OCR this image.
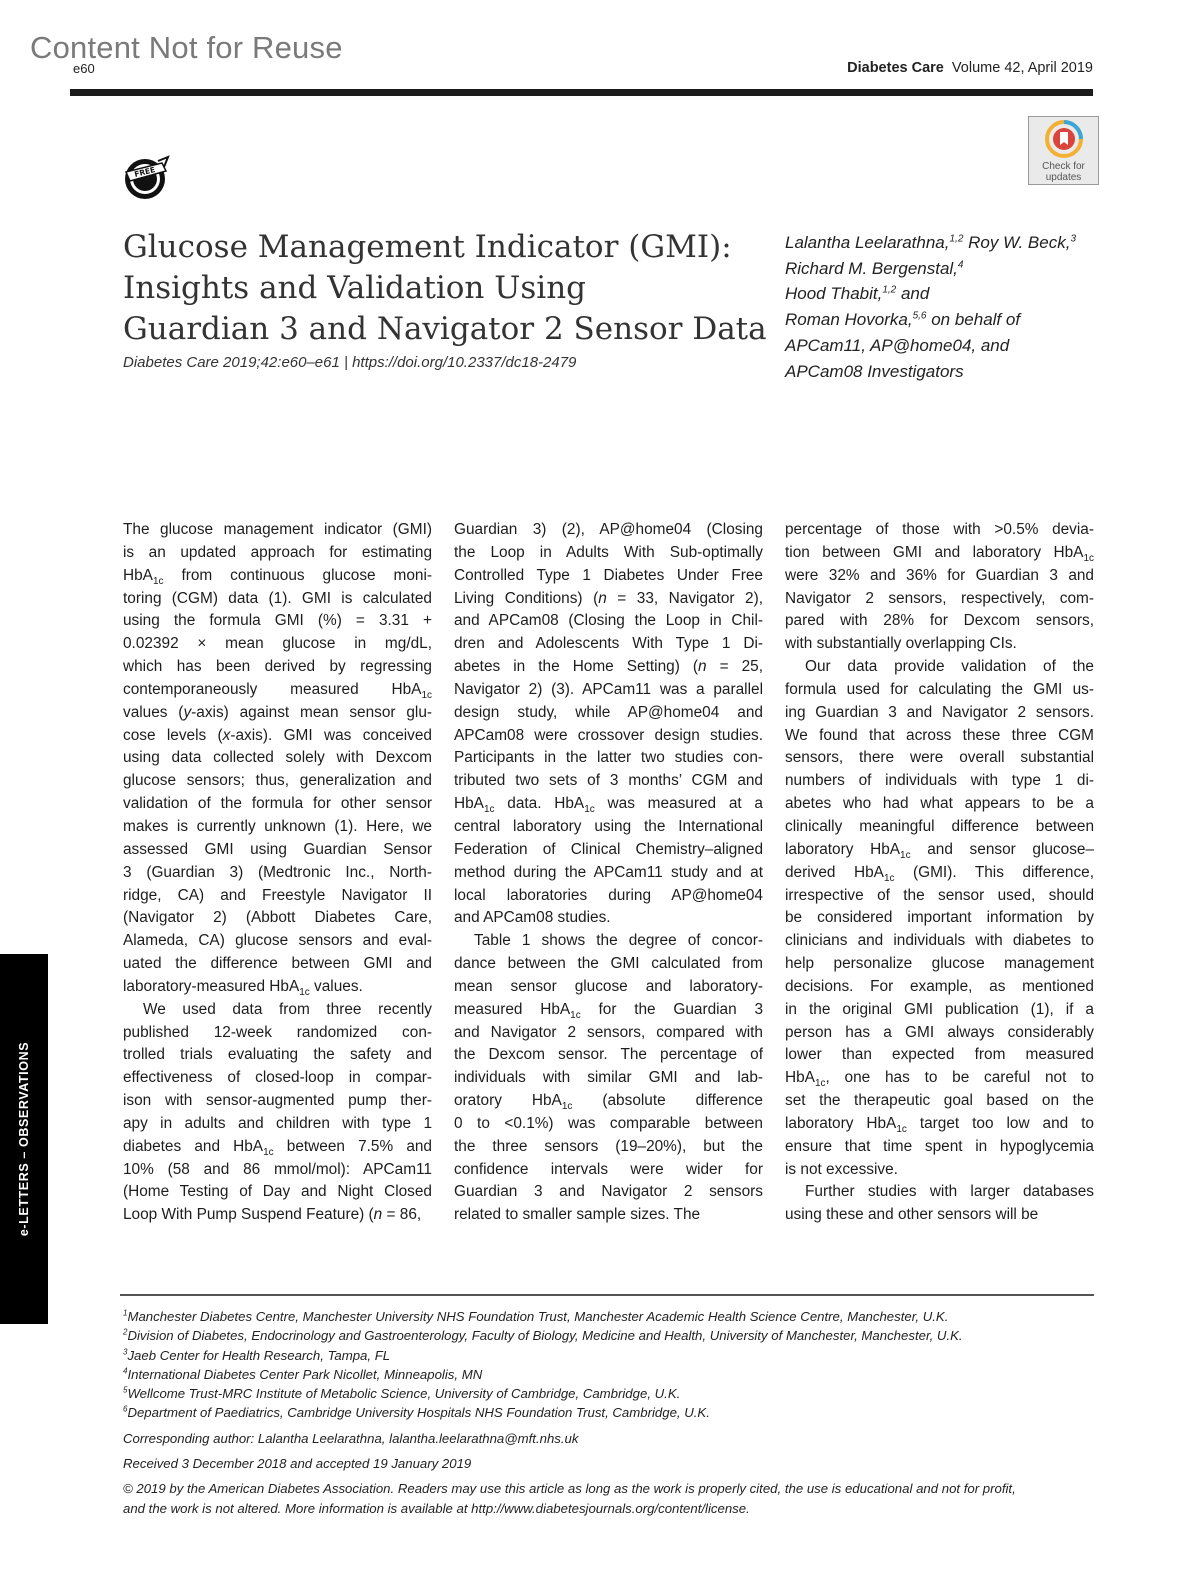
Content Not for Reuse
e60	Diabetes Care Volume 42, April 2019
FREE	Check for
updates
Glucose Management Indicator (GMI):
Insights and Validation Using
Guardian 3 and Navigator 2 Sensor Data
Diabetes Care 2019;42:e60–e61 | https://doi.org/10.2337/dc18-2479
Lalantha Leelarathna,$^{1,2}$ Roy W. Beck,$^3$
Richard M. Bergenstal,$^4$
Hood Thabit,$^{1,2}$ and
Roman Hovorka,$^{5,6}$ on behalf of
APCam11, AP@home04, and
APCam08 Investigators
The glucose management indicator (GMI)
is an updated approach for estimating
HbA$_{1c}$ from continuous glucose moni-
toring (CGM) data (1). GMI is calculated
using the formula GMI (%) = 3.31 +
0.02392 × mean glucose in mg/dL,
which has been derived by regressing
contemporaneously measured HbA$_{1c}$
values (y-axis) against mean sensor glu-
cose levels (x-axis). GMI was conceived
using data collected solely with Dexcom
glucose sensors; thus, generalization and
validation of the formula for other sensor
makes is currently unknown (1). Here, we
assessed GMI using Guardian Sensor
3 (Guardian 3) (Medtronic Inc., North-
ridge, CA) and Freestyle Navigator II
(Navigator 2) (Abbott Diabetes Care,
Alameda, CA) glucose sensors and eval-
uated the difference between GMI and
laboratory-measured HbA$_{1c}$ values.
We used data from three recently
published 12-week randomized con-
trolled trials evaluating the safety and
effectiveness of closed-loop in compar-
ison with sensor-augmented pump ther-
apy in adults and children with type 1
diabetes and HbA$_{1c}$ between 7.5% and
10% (58 and 86 mmol/mol): APCam11
(Home Testing of Day and Night Closed
Loop With Pump Suspend Feature) (n = 86,
Guardian 3) (2), AP@home04 (Closing
the Loop in Adults With Sub-optimally
Controlled Type 1 Diabetes Under Free
Living Conditions) (n = 33, Navigator 2),
and APCam08 (Closing the Loop in Chil-
dren and Adolescents With Type 1 Di-
abetes in the Home Setting) (n = 25,
Navigator 2) (3). APCam11 was a parallel
design study, while AP@home04 and
APCam08 were crossover design studies.
Participants in the latter two studies con-
tributed two sets of 3 months’ CGM and
HbA$_{1c}$ data. HbA$_{1c}$ was measured at a
central laboratory using the International
Federation of Clinical Chemistry–aligned
method during the APCam11 study and at
local laboratories during AP@home04
and APCam08 studies.
Table 1 shows the degree of concor-
dance between the GMI calculated from
mean sensor glucose and laboratory-
measured HbA$_{1c}$ for the Guardian 3
and Navigator 2 sensors, compared with
the Dexcom sensor. The percentage of
individuals with similar GMI and lab-
oratory HbA$_{1c}$ (absolute difference
0 to <0.1%) was comparable between
the three sensors (19–20%), but the
confidence intervals were wider for
Guardian 3 and Navigator 2 sensors
related to smaller sample sizes. The
percentage of those with >0.5% devia-
tion between GMI and laboratory HbA$_{1c}$
were 32% and 36% for Guardian 3 and
Navigator 2 sensors, respectively, com-
pared with 28% for Dexcom sensors,
with substantially overlapping CIs.
Our data provide validation of the
formula used for calculating the GMI us-
ing Guardian 3 and Navigator 2 sensors.
We found that across these three CGM
sensors, there were overall substantial
numbers of individuals with type 1 di-
abetes who had what appears to be a
clinically meaningful difference between
laboratory HbA$_{1c}$ and sensor glucose–
derived HbA$_{1c}$ (GMI). This difference,
irrespective of the sensor used, should
be considered important information by
clinicians and individuals with diabetes to
help personalize glucose management
decisions. For example, as mentioned
in the original GMI publication (1), if a
person has a GMI always considerably
lower than expected from measured
HbA$_{1c}$, one has to be careful not to
set the therapeutic goal based on the
laboratory HbA$_{1c}$ target too low and to
ensure that time spent in hypoglycemia
is not excessive.
Further studies with larger databases
using these and other sensors will be
e-LETTERS – OBSERVATIONS
$^1$Manchester Diabetes Centre, Manchester University NHS Foundation Trust, Manchester Academic Health Science Centre, Manchester, U.K.
$^2$Division of Diabetes, Endocrinology and Gastroenterology, Faculty of Biology, Medicine and Health, University of Manchester, Manchester, U.K.
$^3$Jaeb Center for Health Research, Tampa, FL
$^4$International Diabetes Center Park Nicollet, Minneapolis, MN
$^5$Wellcome Trust-MRC Institute of Metabolic Science, University of Cambridge, Cambridge, U.K.
$^6$Department of Paediatrics, Cambridge University Hospitals NHS Foundation Trust, Cambridge, U.K.
Corresponding author: Lalantha Leelarathna, lalantha.leelarathna@mft.nhs.uk
Received 3 December 2018 and accepted 19 January 2019
© 2019 by the American Diabetes Association. Readers may use this article as long as the work is properly cited, the use is educational and not for profit,
and the work is not altered. More information is available at http://www.diabetesjournals.org/content/license.
